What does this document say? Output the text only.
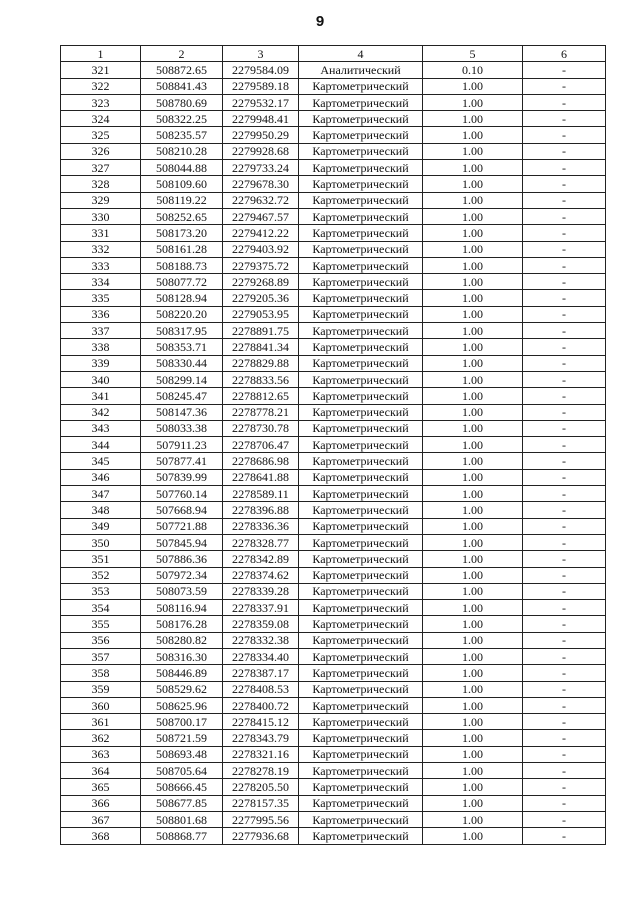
9
1	2	3	4	5	6
321	508872.65	2279584.09	Аналитический	0.10	-
322	508841.43	2279589.18	Картометрический	1.00	-
323	508780.69	2279532.17	Картометрический	1.00	-
324	508322.25	2279948.41	Картометрический	1.00	-
325	508235.57	2279950.29	Картометрический	1.00	-
326	508210.28	2279928.68	Картометрический	1.00	-
327	508044.88	2279733.24	Картометрический	1.00	-
328	508109.60	2279678.30	Картометрический	1.00	-
329	508119.22	2279632.72	Картометрический	1.00	-
330	508252.65	2279467.57	Картометрический	1.00	-
331	508173.20	2279412.22	Картометрический	1.00	-
332	508161.28	2279403.92	Картометрический	1.00	-
333	508188.73	2279375.72	Картометрический	1.00	-
334	508077.72	2279268.89	Картометрический	1.00	-
335	508128.94	2279205.36	Картометрический	1.00	-
336	508220.20	2279053.95	Картометрический	1.00	-
337	508317.95	2278891.75	Картометрический	1.00	-
338	508353.71	2278841.34	Картометрический	1.00	-
339	508330.44	2278829.88	Картометрический	1.00	-
340	508299.14	2278833.56	Картометрический	1.00	-
341	508245.47	2278812.65	Картометрический	1.00	-
342	508147.36	2278778.21	Картометрический	1.00	-
343	508033.38	2278730.78	Картометрический	1.00	-
344	507911.23	2278706.47	Картометрический	1.00	-
345	507877.41	2278686.98	Картометрический	1.00	-
346	507839.99	2278641.88	Картометрический	1.00	-
347	507760.14	2278589.11	Картометрический	1.00	-
348	507668.94	2278396.88	Картометрический	1.00	-
349	507721.88	2278336.36	Картометрический	1.00	-
350	507845.94	2278328.77	Картометрический	1.00	-
351	507886.36	2278342.89	Картометрический	1.00	-
352	507972.34	2278374.62	Картометрический	1.00	-
353	508073.59	2278339.28	Картометрический	1.00	-
354	508116.94	2278337.91	Картометрический	1.00	-
355	508176.28	2278359.08	Картометрический	1.00	-
356	508280.82	2278332.38	Картометрический	1.00	-
357	508316.30	2278334.40	Картометрический	1.00	-
358	508446.89	2278387.17	Картометрический	1.00	-
359	508529.62	2278408.53	Картометрический	1.00	-
360	508625.96	2278400.72	Картометрический	1.00	-
361	508700.17	2278415.12	Картометрический	1.00	-
362	508721.59	2278343.79	Картометрический	1.00	-
363	508693.48	2278321.16	Картометрический	1.00	-
364	508705.64	2278278.19	Картометрический	1.00	-
365	508666.45	2278205.50	Картометрический	1.00	-
366	508677.85	2278157.35	Картометрический	1.00	-
367	508801.68	2277995.56	Картометрический	1.00	-
368	508868.77	2277936.68	Картометрический	1.00	-
